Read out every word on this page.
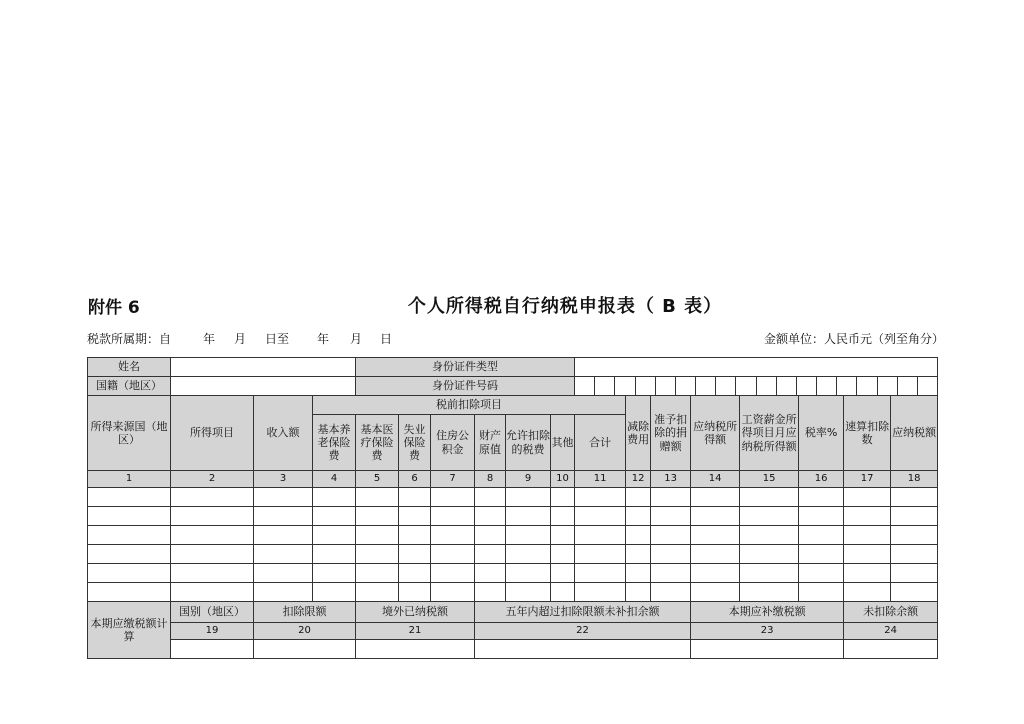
附件 6	个人所得税自行纳税申报表（ B 表）
税款所属期：自	年 月 日至 年 月 日	金额单位：人民币元（列至角分）
姓名				身份证件类型													
国籍（地区）				身份证件号码													

所得来源国（地区）	所得项目	收入额	税前扣除项目								减除费用	准予扣除的捐赠额	应纳税所得额	工资薪金所得项目月应纳税所得额	税率%	速算扣除数	应纳税额
			基本养老保险费	基本医疗保险费	失业保险费	住房公积金	财产原值	允许扣除的税费	其他	合计							
1	2	3	4	5	6	7	8	9	10	11	12	13	14	15	16	17	18

本期应缴税额计算	国别（地区）	扣除限额		境外已纳税额			五年内超过扣除限额未补扣余额						本期应补缴税额			未扣除余额	
	19	20		21			22						23			24	
